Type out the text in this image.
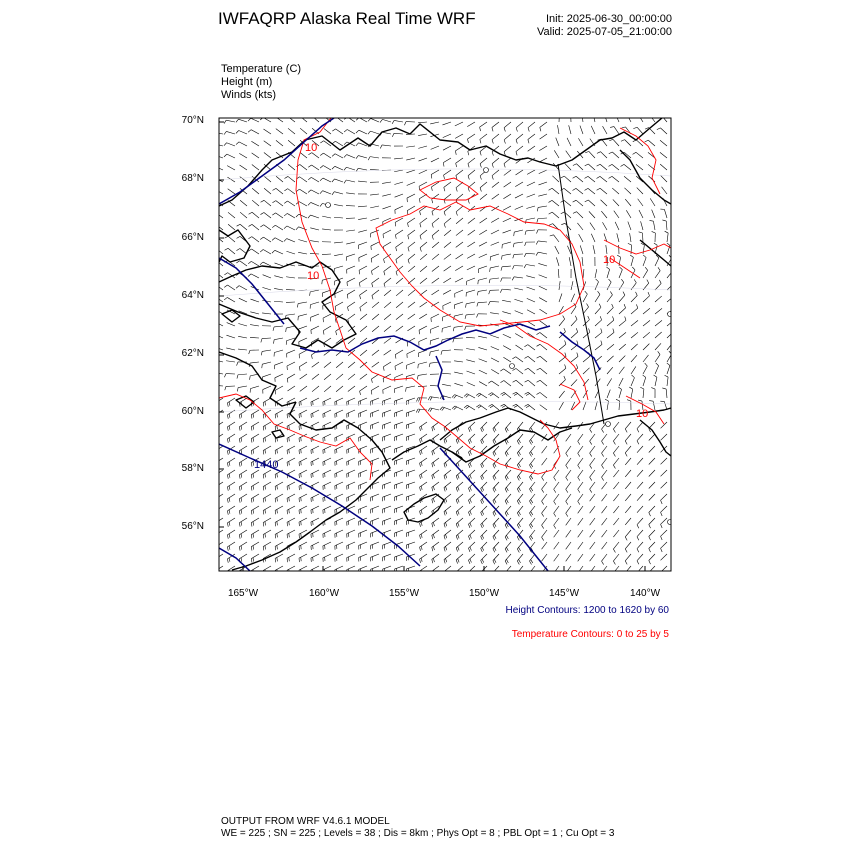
IWFAQRP Alaska Real Time WRF	Init: 2025-06-30_00:00:00
Valid: 2025-07-05_21:00:00
Temperature (C)
Height (m)
Winds (kts)
1440
10
10
10
10
70°N
68°N
66°N
64°N
62°N
60°N
58°N
56°N
165°W	160°W	155°W	150°W	145°W	140°W
Height Contours: 1200 to 1620 by 60
Temperature Contours: 0 to 25 by 5
OUTPUT FROM WRF V4.6.1 MODEL
WE = 225 ; SN = 225 ; Levels = 38 ; Dis = 8km ; Phys Opt = 8 ; PBL Opt = 1 ; Cu Opt = 3
